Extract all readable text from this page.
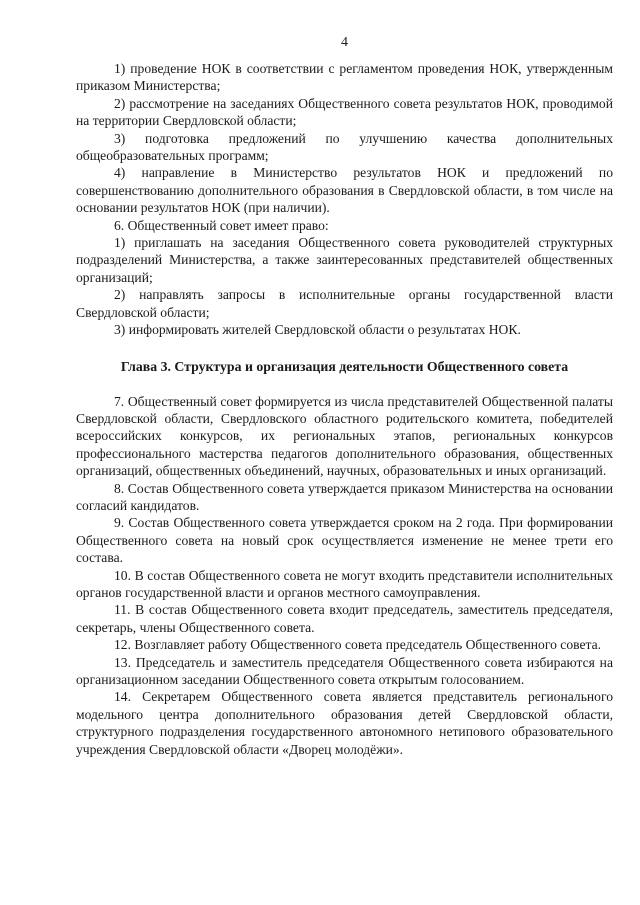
4

1) проведение НОК в соответствии с регламентом проведения НОК, утвержденным приказом Министерства;

2) рассмотрение на заседаниях Общественного совета результатов НОК, проводимой на территории Свердловской области;

3) подготовка предложений по улучшению качества дополнительных общеобразовательных программ;

4) направление в Министерство результатов НОК и предложений по совершенствованию дополнительного образования в Свердловской области, в том числе на основании результатов НОК (при наличии).

6. Общественный совет имеет право:

1) приглашать на заседания Общественного совета руководителей структурных подразделений Министерства, а также заинтересованных представителей общественных организаций;

2) направлять запросы в исполнительные органы государственной власти Свердловской области;

3) информировать жителей Свердловской области о результатах НОК.

Глава 3. Структура и организация деятельности Общественного совета

7. Общественный совет формируется из числа представителей Общественной палаты Свердловской области, Свердловского областного родительского комитета, победителей всероссийских конкурсов, их региональных этапов, региональных конкурсов профессионального мастерства педагогов дополнительного образования, общественных организаций, общественных объединений, научных, образовательных и иных организаций.

8. Состав Общественного совета утверждается приказом Министерства на основании согласий кандидатов.

9. Состав Общественного совета утверждается сроком на 2 года. При формировании Общественного совета на новый срок осуществляется изменение не менее трети его состава.

10. В состав Общественного совета не могут входить представители исполнительных органов государственной власти и органов местного самоуправления.

11. В состав Общественного совета входит председатель, заместитель председателя, секретарь, члены Общественного совета.

12. Возглавляет работу Общественного совета председатель Общественного совета.

13. Председатель и заместитель председателя Общественного совета избираются на организационном заседании Общественного совета открытым голосованием.

14. Секретарем Общественного совета является представитель регионального модельного центра дополнительного образования детей Свердловской области, структурного подразделения государственного автономного нетипового образовательного учреждения Свердловской области «Дворец молодёжи».
